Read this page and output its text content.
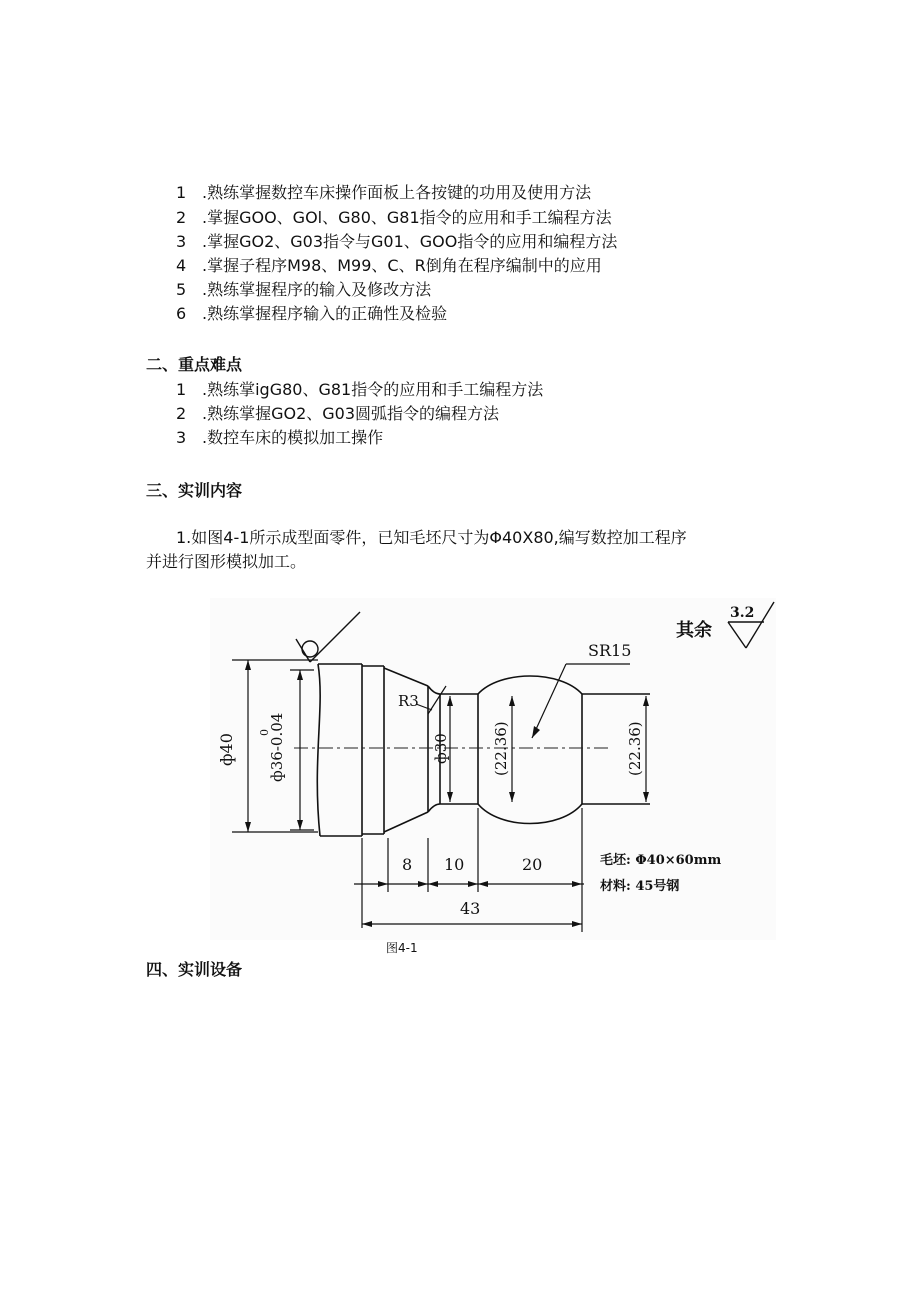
1 .熟练掌握数控车床操作面板上各按键的功用及使用方法
2 .掌握GOO、GOl、G80、G81指令的应用和手工编程方法
3 .掌握GO2、G03指令与G01、GOO指令的应用和编程方法
4 .掌握子程序M98、M99、C、R倒角在程序编制中的应用
5 .熟练掌握程序的输入及修改方法
6 .熟练掌握程序输入的正确性及检验
二、重点难点
1 .熟练掌igG80、G81指令的应用和手工编程方法
2 .熟练掌握GO2、G03圆弧指令的编程方法
3 .数控车床的模拟加工操作
三、实训内容
1.如图4-1所示成型面零件，已知毛坯尺寸为Φ40X80,编写数控加工程序
并进行图形模拟加工。
其余
3.2
SR15
R3
ф40 ф36-0.04
0
ф30	(22.36)	(22.36)
8 10	20
43
毛坯: Φ40×60mm
材料: 45号钢
图4-1
四、实训设备
